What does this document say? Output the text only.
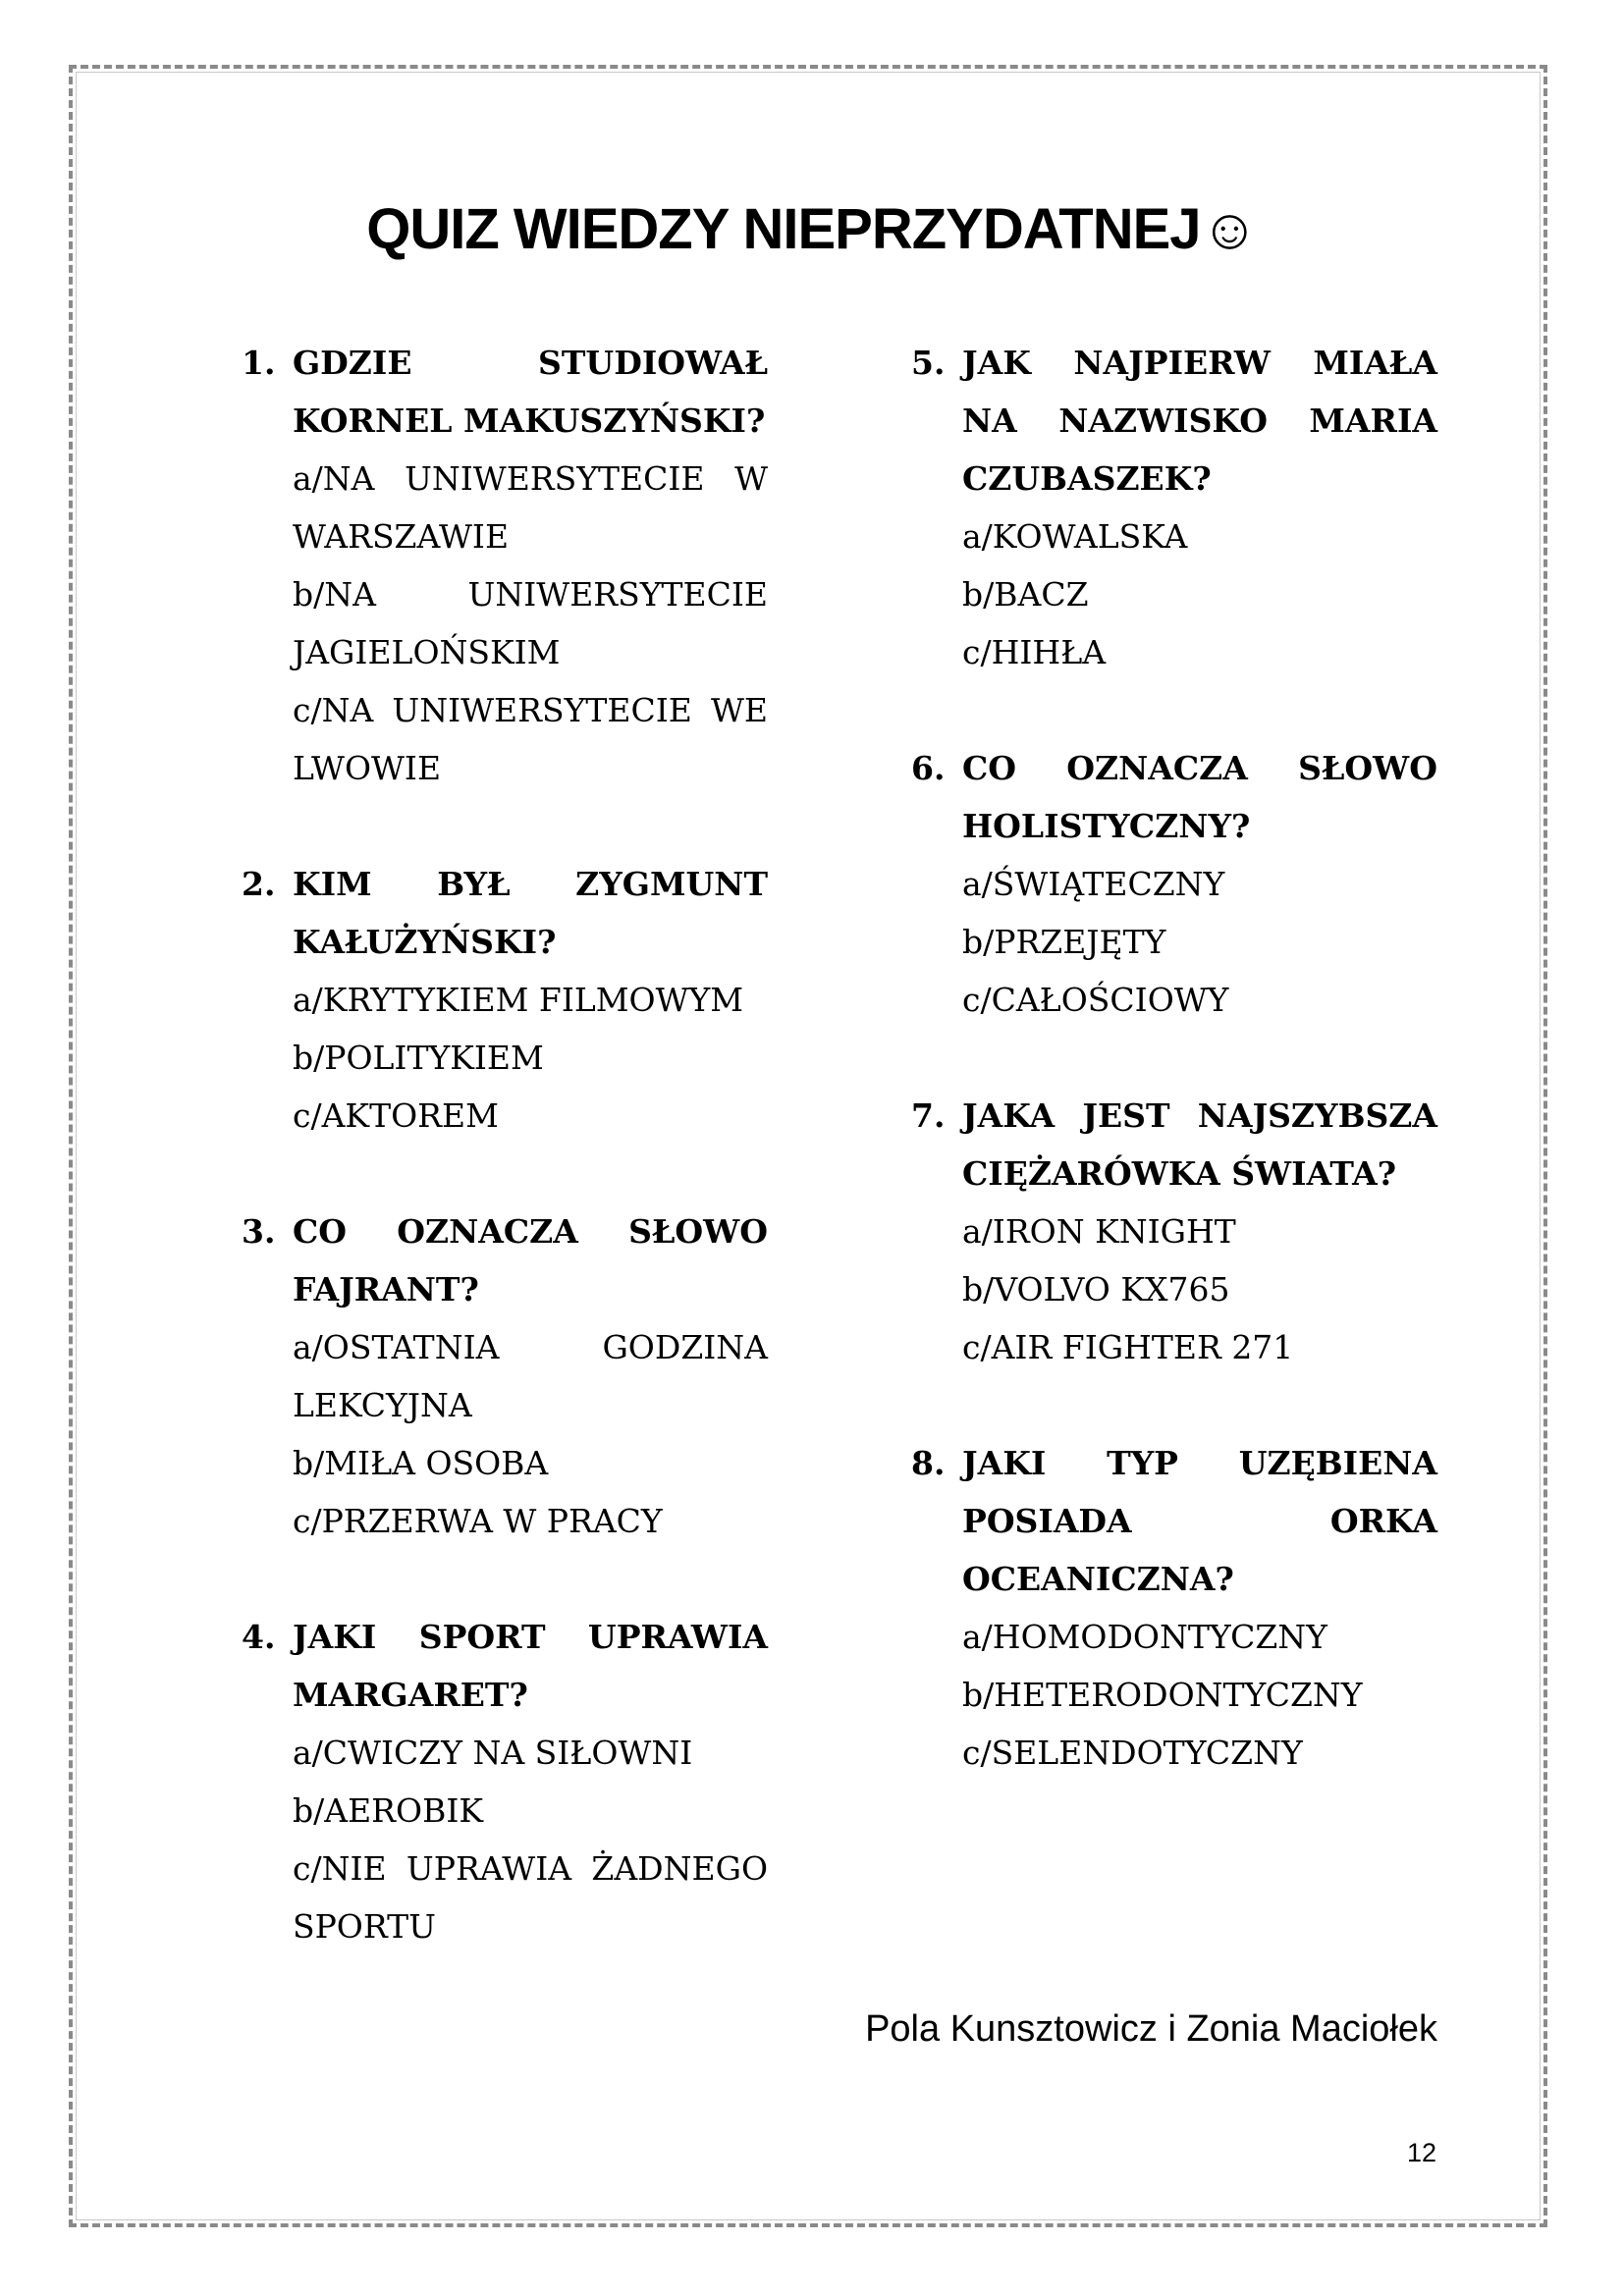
QUIZ WIEDZY NIEPRZYDATNEJ☺
1. GDZIE STUDIOWAŁ KORNEL MAKUSZYŃSKI?
a/NA UNIWERSYTECIE W WARSZAWIE
b/NA UNIWERSYTECIE JAGIELOŃSKIM
c/NA UNIWERSYTECIE WE LWOWIE
2. KIM BYŁ ZYGMUNT KAŁUŻYŃSKI?
a/KRYTYKIEM FILMOWYM
b/POLITYKIEM
c/AKTOREM
3. CO OZNACZA SŁOWO FAJRANT?
a/OSTATNIA GODZINA LEKCYJNA
b/MIŁA OSOBA
c/PRZERWA W PRACY
4. JAKI SPORT UPRAWIA MARGARET?
a/CWICZY NA SIŁOWNI
b/AEROBIK
c/NIE UPRAWIA ŻADNEGO SPORTU
5. JAK NAJPIERW MIAŁA NA NAZWISKO MARIA CZUBASZEK?
a/KOWALSKA
b/BACZ
c/HIHŁA
6. CO OZNACZA SŁOWO HOLISTYCZNY?
a/ŚWIĄTECZNY
b/PRZEJĘTY
c/CAŁOŚCIOWY
7. JAKA JEST NAJSZYBSZA CIĘŻARÓWKA ŚWIATA?
a/IRON KNIGHT
b/VOLVO KX765
c/AIR FIGHTER 271
8. JAKI TYP UZĘBIENA POSIADA ORKA OCEANICZNA?
a/HOMODONTYCZNY
b/HETERODONTYCZNY
c/SELENDOTYCZNY
Pola Kunsztowicz i Zonia Maciołek
12
